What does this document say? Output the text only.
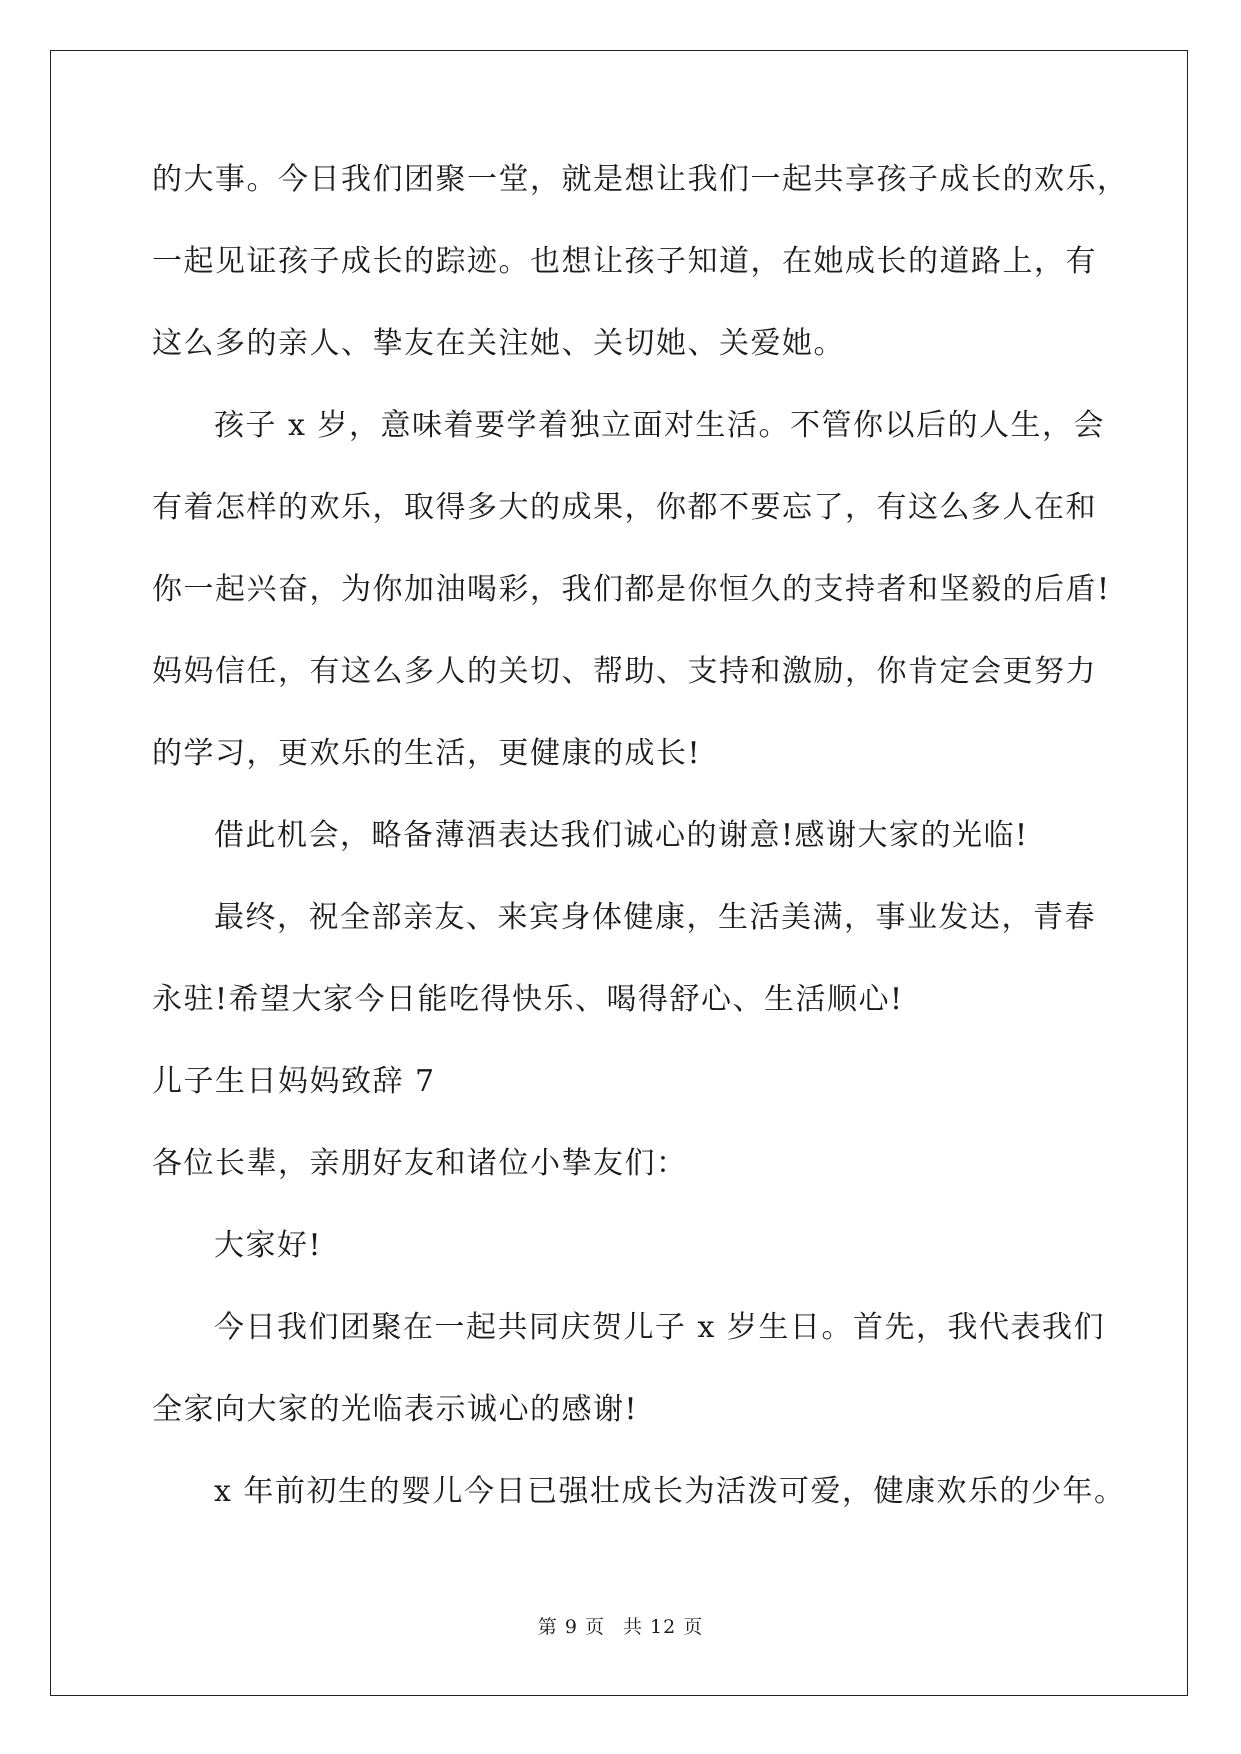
的大事。今日我们团聚一堂，就是想让我们一起共享孩子成长的欢乐，
一起见证孩子成长的踪迹。也想让孩子知道，在她成长的道路上，有
这么多的亲人、挚友在关注她、关切她、关爱她。
孩子 x 岁，意味着要学着独立面对生活。不管你以后的人生，会
有着怎样的欢乐，取得多大的成果，你都不要忘了，有这么多人在和
你一起兴奋，为你加油喝彩，我们都是你恒久的支持者和坚毅的后盾!
妈妈信任，有这么多人的关切、帮助、支持和激励，你肯定会更努力
的学习，更欢乐的生活，更健康的成长!
借此机会，略备薄酒表达我们诚心的谢意!感谢大家的光临!
最终，祝全部亲友、来宾身体健康，生活美满，事业发达，青春
永驻!希望大家今日能吃得快乐、喝得舒心、生活顺心!
儿子生日妈妈致辞 7
各位长辈，亲朋好友和诸位小挚友们：
大家好!
今日我们团聚在一起共同庆贺儿子 x 岁生日。首先，我代表我们
全家向大家的光临表示诚心的感谢!
x 年前初生的婴儿今日已强壮成长为活泼可爱，健康欢乐的少年。
第 9 页 共 12 页
